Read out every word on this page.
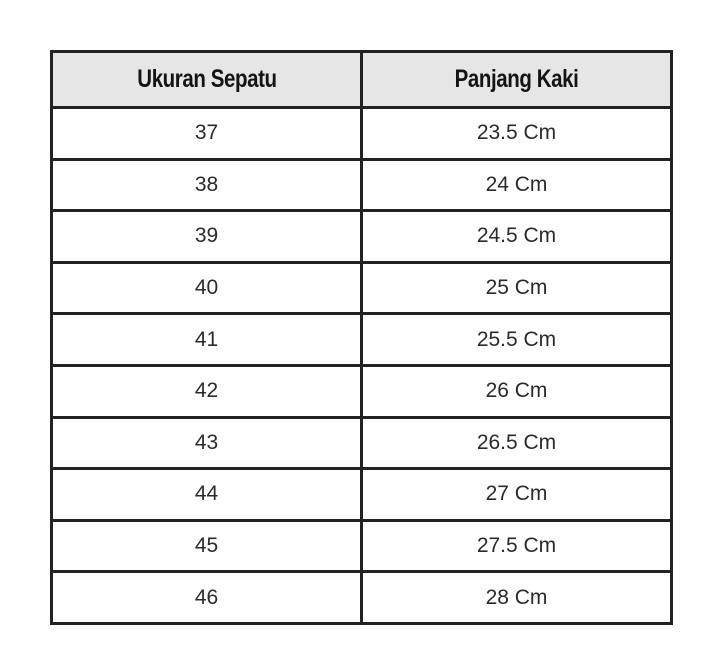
Ukuran Sepatu	Panjang Kaki
37	23.5 Cm
38	24 Cm
39	24.5 Cm
40	25 Cm
41	25.5 Cm
42	26 Cm
43	26.5 Cm
44	27 Cm
45	27.5 Cm
46	28 Cm
